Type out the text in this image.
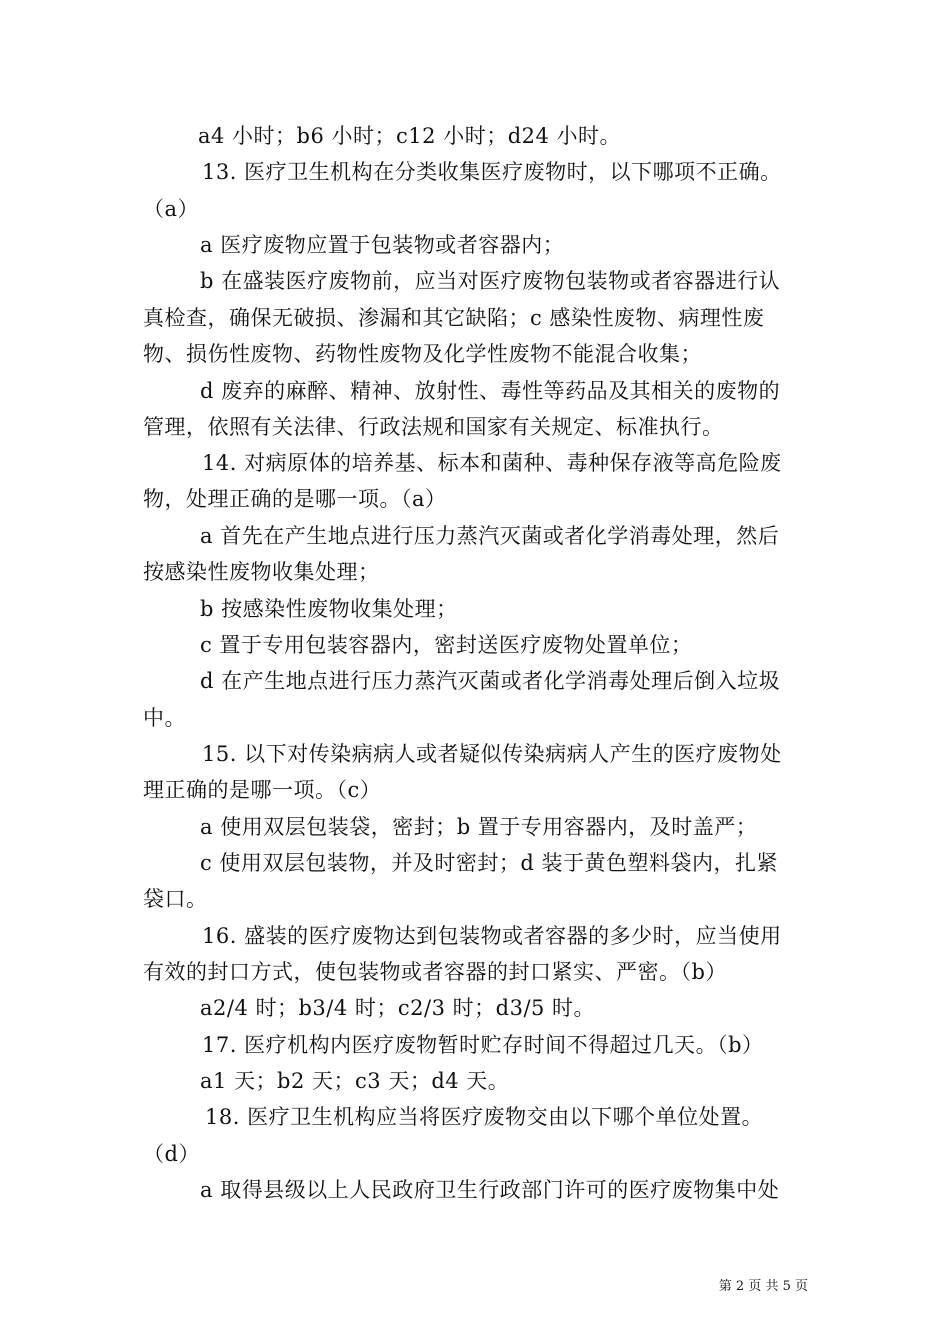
a4 小时；b6 小时；c12 小时；d24 小时。
13. 医疗卫生机构在分类收集医疗废物时，以下哪项不正确。
（a）
a 医疗废物应置于包装物或者容器内；
b 在盛装医疗废物前，应当对医疗废物包装物或者容器进行认
真检查，确保无破损、渗漏和其它缺陷；c 感染性废物、病理性废
物、损伤性废物、药物性废物及化学性废物不能混合收集；
d 废弃的麻醉、精神、放射性、毒性等药品及其相关的废物的
管理，依照有关法律、行政法规和国家有关规定、标准执行。
14. 对病原体的培养基、标本和菌种、毒种保存液等高危险废
物，处理正确的是哪一项。（a）
a 首先在产生地点进行压力蒸汽灭菌或者化学消毒处理，然后
按感染性废物收集处理；
b 按感染性废物收集处理；
c 置于专用包装容器内，密封送医疗废物处置单位；
d 在产生地点进行压力蒸汽灭菌或者化学消毒处理后倒入垃圾
中。
15. 以下对传染病病人或者疑似传染病病人产生的医疗废物处
理正确的是哪一项。（c）
a 使用双层包装袋，密封；b 置于专用容器内，及时盖严；
c 使用双层包装物，并及时密封；d 装于黄色塑料袋内，扎紧
袋口。
16. 盛装的医疗废物达到包装物或者容器的多少时，应当使用
有效的封口方式，使包装物或者容器的封口紧实、严密。（b）
a2/4 时；b3/4 时；c2/3 时；d3/5 时。
17. 医疗机构内医疗废物暂时贮存时间不得超过几天。（b）
a1 天；b2 天；c3 天；d4 天。
18. 医疗卫生机构应当将医疗废物交由以下哪个单位处置。
（d）
a 取得县级以上人民政府卫生行政部门许可的医疗废物集中处
第 2 页 共 5 页
